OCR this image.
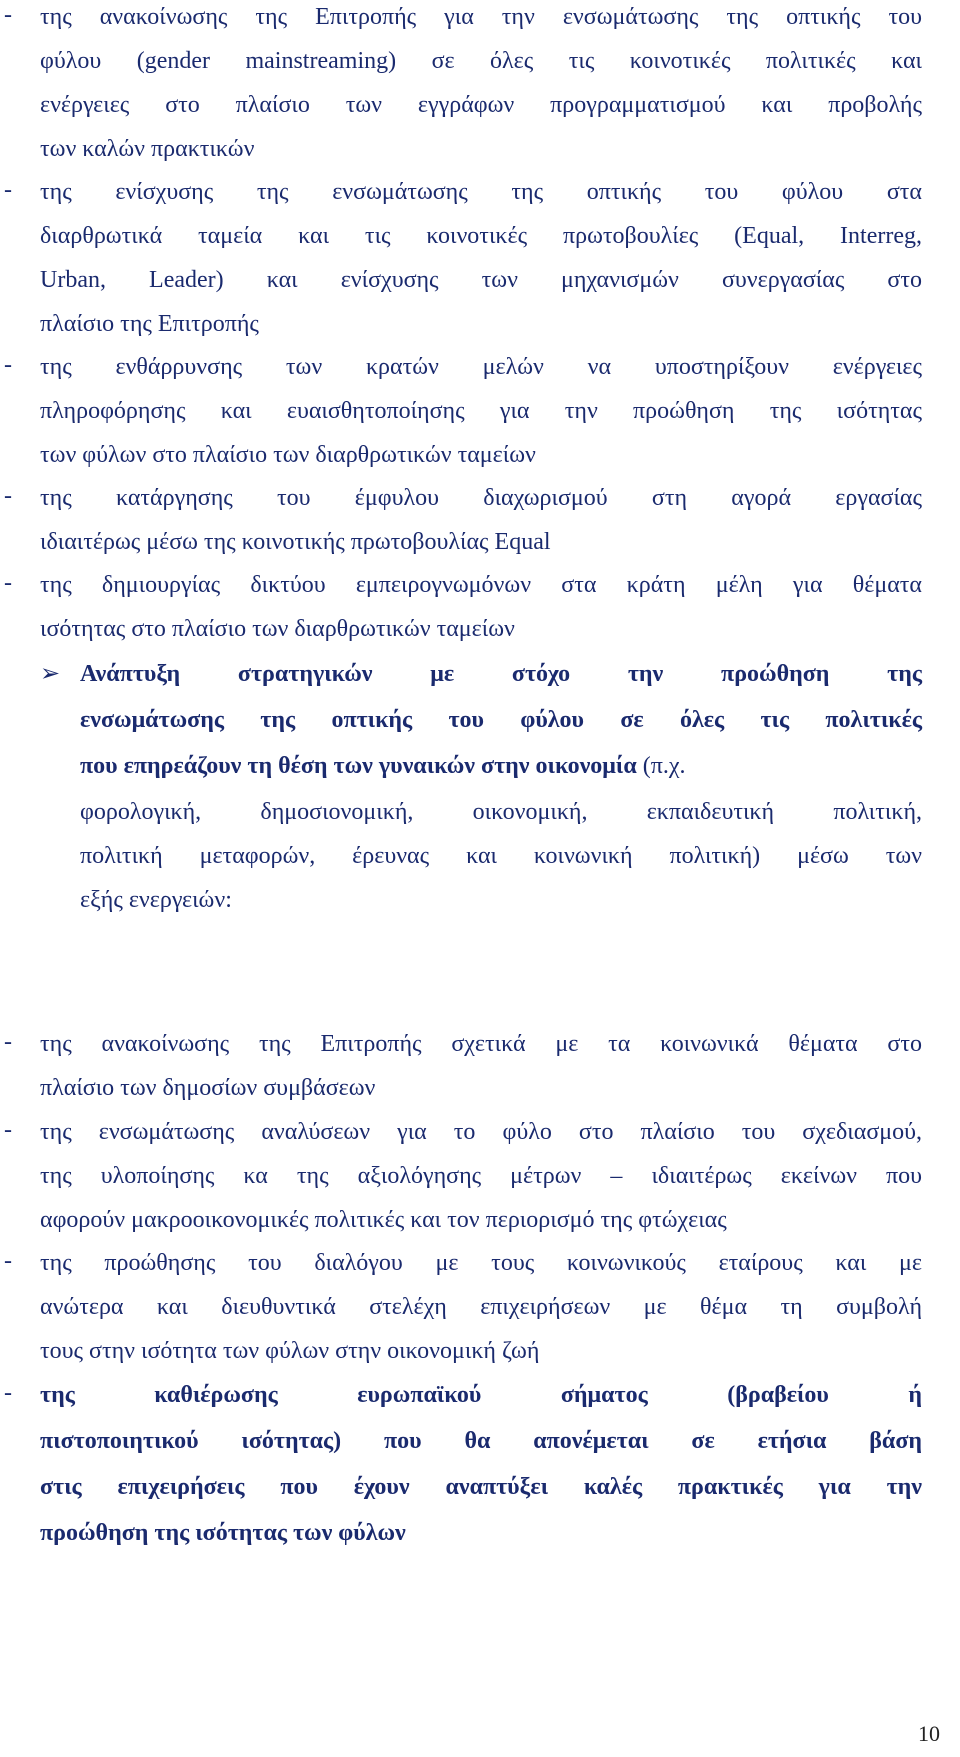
- της ανακοίνωσης της Επιτροπής για την ενσωμάτωσης της οπτικής του
φύλου (gender mainstreaming) σε όλες τις κοινοτικές πολιτικές και
ενέργειες στο πλαίσιο των εγγράφων προγραμματισμού και προβολής
των καλών πρακτικών
- της ενίσχυσης της ενσωμάτωσης της οπτικής του φύλου στα
διαρθρωτικά ταμεία και τις κοινοτικές πρωτοβουλίες (Equal, Interreg,
Urban, Leader) και ενίσχυσης των μηχανισμών συνεργασίας στο
πλαίσιο της Επιτροπής
- της ενθάρρυνσης των κρατών μελών να υποστηρίξουν ενέργειες
πληροφόρησης και ευαισθητοποίησης για την προώθηση της ισότητας
των φύλων στο πλαίσιο των διαρθρωτικών ταμείων
- της κατάργησης του έμφυλου διαχωρισμού στη αγορά εργασίας
ιδιαιτέρως μέσω της κοινοτικής πρωτοβουλίας Equal
- της δημιουργίας δικτύου εμπειρογνωμόνων στα κράτη μέλη για θέματα
ισότητας στο πλαίσιο των διαρθρωτικών ταμείων
➢ Ανάπτυξη στρατηγικών με στόχο την προώθηση της
ενσωμάτωσης της οπτικής του φύλου σε όλες τις πολιτικές
που επηρεάζουν τη θέση των γυναικών στην οικονομία (π.χ.
φορολογική, δημοσιονομική, οικονομική, εκπαιδευτική πολιτική,
πολιτική μεταφορών, έρευνας και κοινωνική πολιτική) μέσω των
εξής ενεργειών:
- της ανακοίνωσης της Επιτροπής σχετικά με τα κοινωνικά θέματα στο
πλαίσιο των δημοσίων συμβάσεων
- της ενσωμάτωσης αναλύσεων για το φύλο στο πλαίσιο του σχεδιασμού,
της υλοποίησης κα της αξιολόγησης μέτρων – ιδιαιτέρως εκείνων που
αφορούν μακροοικονομικές πολιτικές και τον περιορισμό της φτώχειας
- της προώθησης του διαλόγου με τους κοινωνικούς εταίρους και με
ανώτερα και διευθυντικά στελέχη επιχειρήσεων με θέμα τη συμβολή
τους στην ισότητα των φύλων στην οικονομική ζωή
- της καθιέρωσης ευρωπαϊκού σήματος (βραβείου ή
πιστοποιητικού ισότητας) που θα απονέμεται σε ετήσια βάση
στις επιχειρήσεις που έχουν αναπτύξει καλές πρακτικές για την
προώθηση της ισότητας των φύλων
10
